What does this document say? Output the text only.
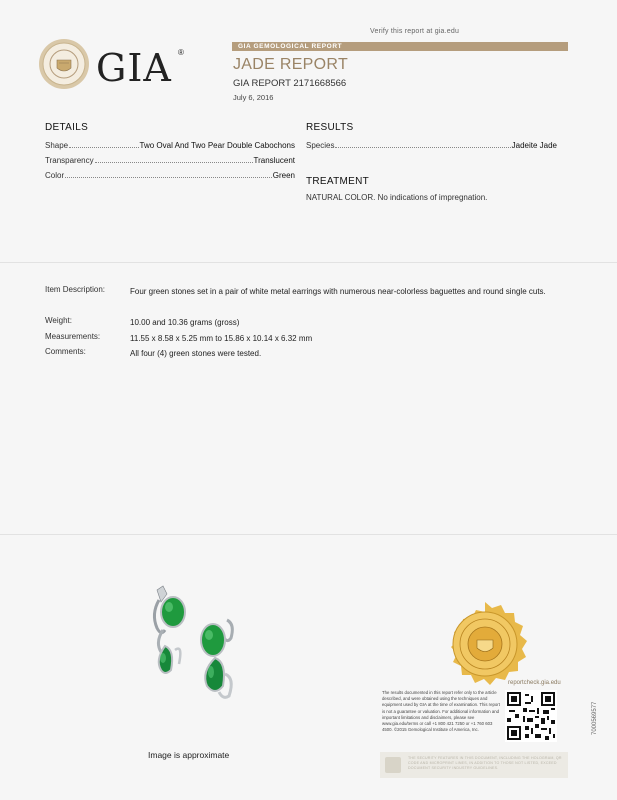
Verify this report at gia.edu
GIA ®
GIA GEMOLOGICAL REPORT
JADE REPORT
GIA REPORT 2171668566
July 6, 2016
DETAILS
Shape	Two Oval And Two Pear Double Cabochons
Transparency	Translucent
Color	Green
RESULTS
Species	Jadeite Jade
TREATMENT
NATURAL COLOR. No indications of impregnation.
Item Description:	Four green stones set in a pair of white metal earrings with numerous near-colorless baguettes and round single cuts.
Weight:	10.00 and 10.36 grams (gross)
Measurements:	11.55 x 8.58 x 5.25 mm to 15.86 x 10.14 x 6.32 mm
Comments:	All four (4) green stones were tested.
Image is approximate
reportcheck.gia.edu
The results documented in this report refer only to the article described, and were obtained using the techniques and equipment used by GIA at the time of examination. This report is not a guarantee or valuation. For additional information and important limitations and disclaimers, please see www.gia.edu/terms or call +1 800 421 7250 or +1 760 603 4500. ©2015 Gemological Institute of America, Inc.
THE SECURITY FEATURES IN THIS DOCUMENT, INCLUDING THE HOLOGRAM, QR CODE AND MICROPRINT LINES, IN ADDITION TO THOSE NOT LISTED, EXCEED DOCUMENT SECURITY INDUSTRY GUIDELINES.
7000569577
